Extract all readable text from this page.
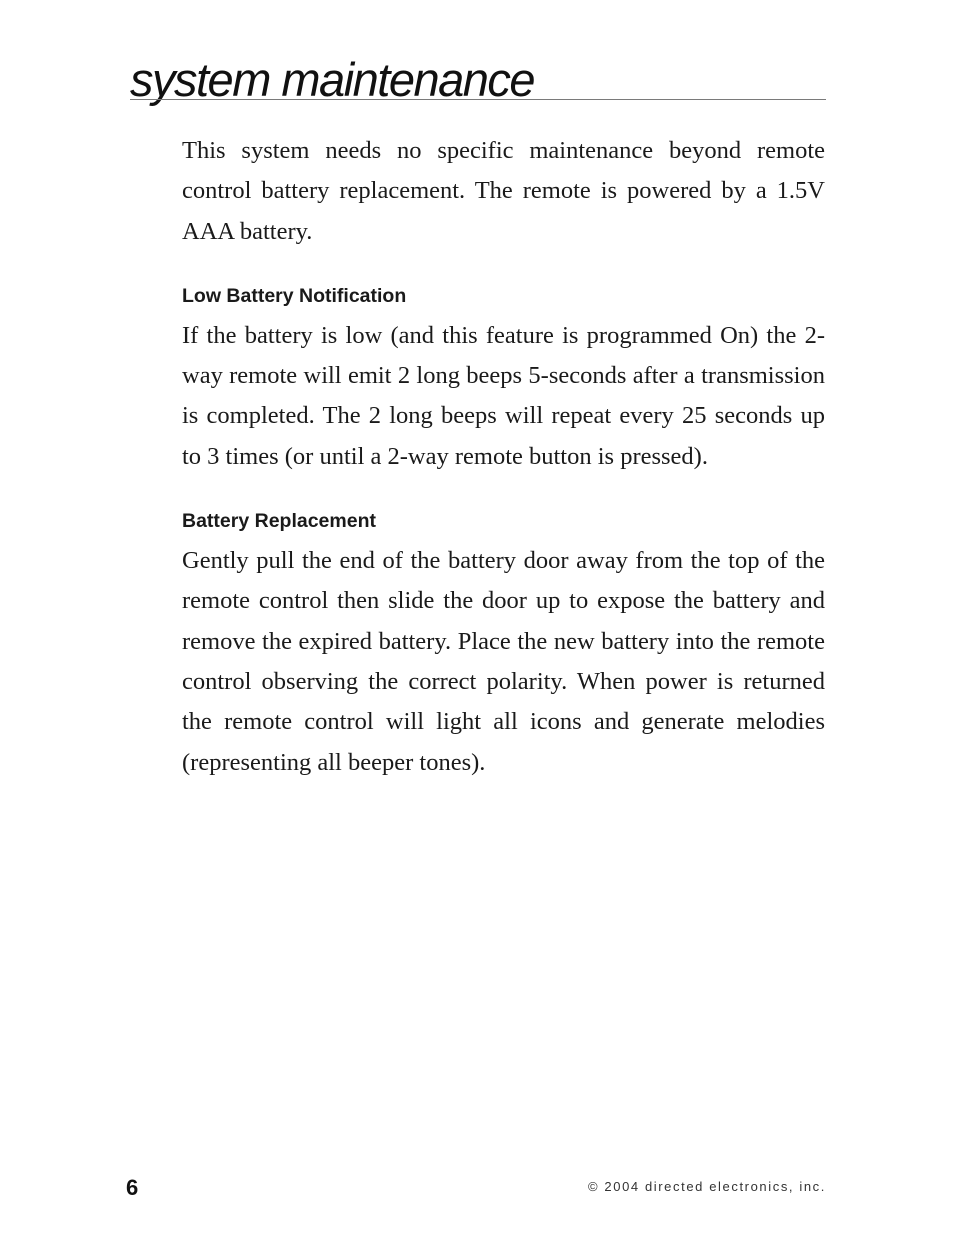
system maintenance

This system needs no specific maintenance beyond remote control battery replacement. The remote is powered by a 1.5V AAA battery.

Low Battery Notification

If the battery is low (and this feature is programmed On) the 2-way remote will emit 2 long beeps 5-seconds after a transmission is completed. The 2 long beeps will repeat every 25 seconds up to 3 times (or until a 2-way remote button is pressed).

Battery Replacement

Gently pull the end of the battery door away from the top of the remote control then slide the door up to expose the battery and remove the expired battery. Place the new battery into the remote control observing the correct polarity. When power is returned the remote control will light all icons and generate melodies (representing all beeper tones).

6	© 2004 directed electronics, inc.
